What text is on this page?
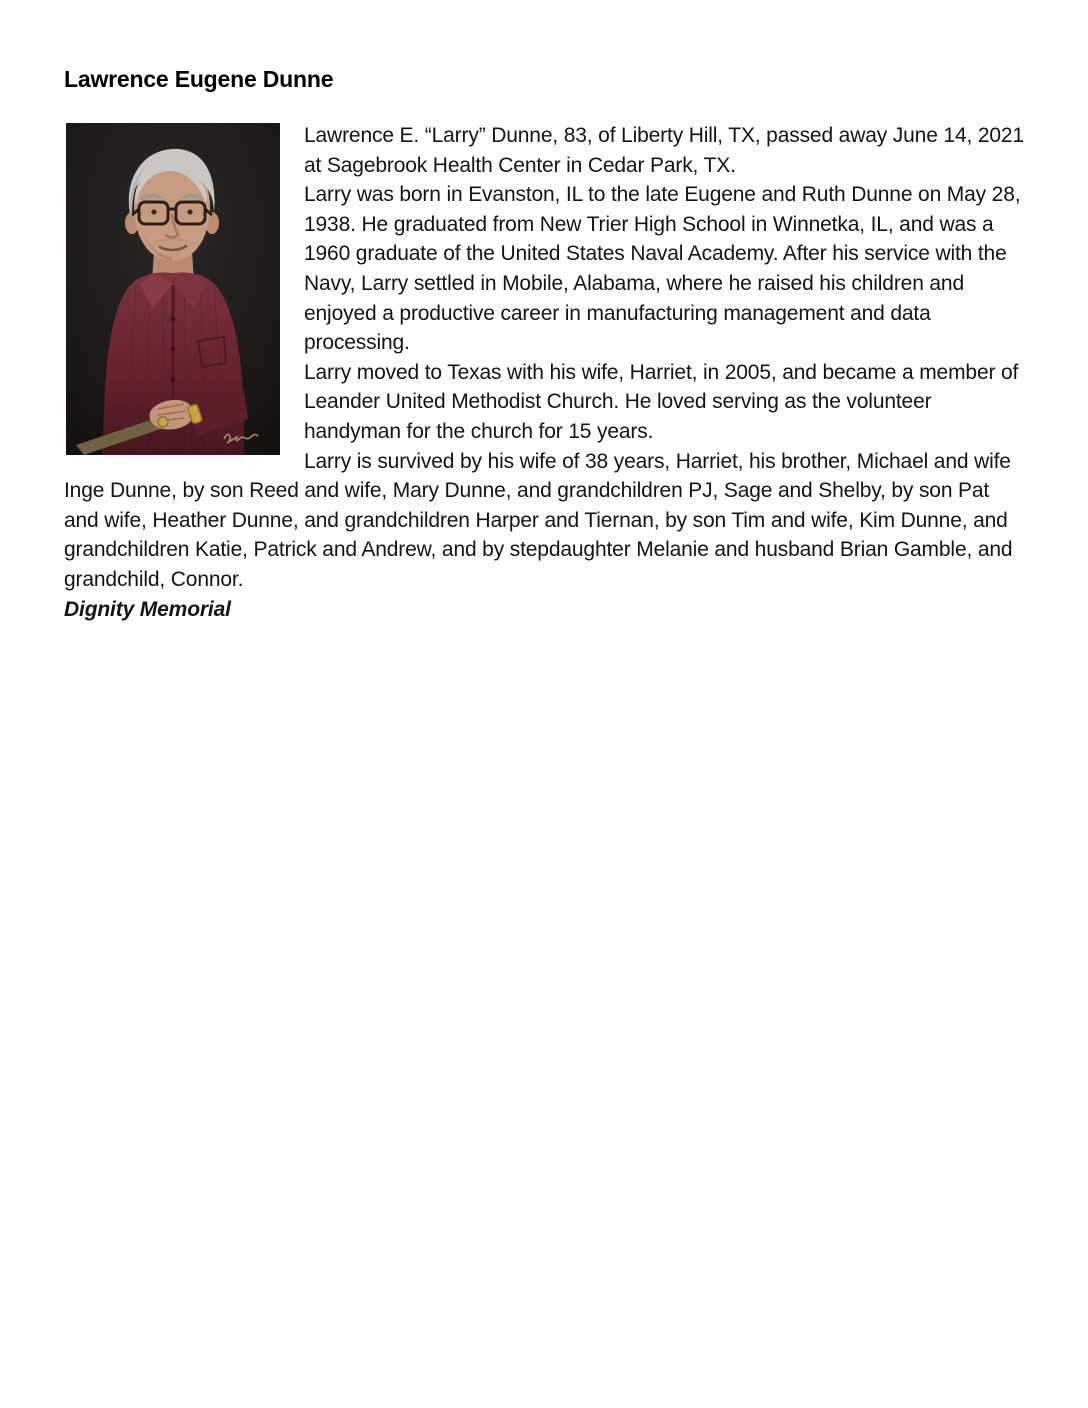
Lawrence Eugene Dunne

Lawrence E. “Larry” Dunne, 83, of Liberty Hill, TX, passed away June 14, 2021 at Sagebrook Health Center in Cedar Park, TX.

Larry was born in Evanston, IL to the late Eugene and Ruth Dunne on May 28, 1938. He graduated from New Trier High School in Winnetka, IL, and was a 1960 graduate of the United States Naval Academy. After his service with the Navy, Larry settled in Mobile, Alabama, where he raised his children and enjoyed a productive career in manufacturing management and data processing.

Larry moved to Texas with his wife, Harriet, in 2005, and became a member of Leander United Methodist Church. He loved serving as the volunteer handyman for the church for 15 years.

Larry is survived by his wife of 38 years, Harriet, his brother, Michael and wife Inge Dunne, by son Reed and wife, Mary Dunne, and grandchildren PJ, Sage and Shelby, by son Pat and wife, Heather Dunne, and grandchildren Harper and Tiernan, by son Tim and wife, Kim Dunne, and grandchildren Katie, Patrick and Andrew, and by stepdaughter Melanie and husband Brian Gamble, and grandchild, Connor.

Dignity Memorial
